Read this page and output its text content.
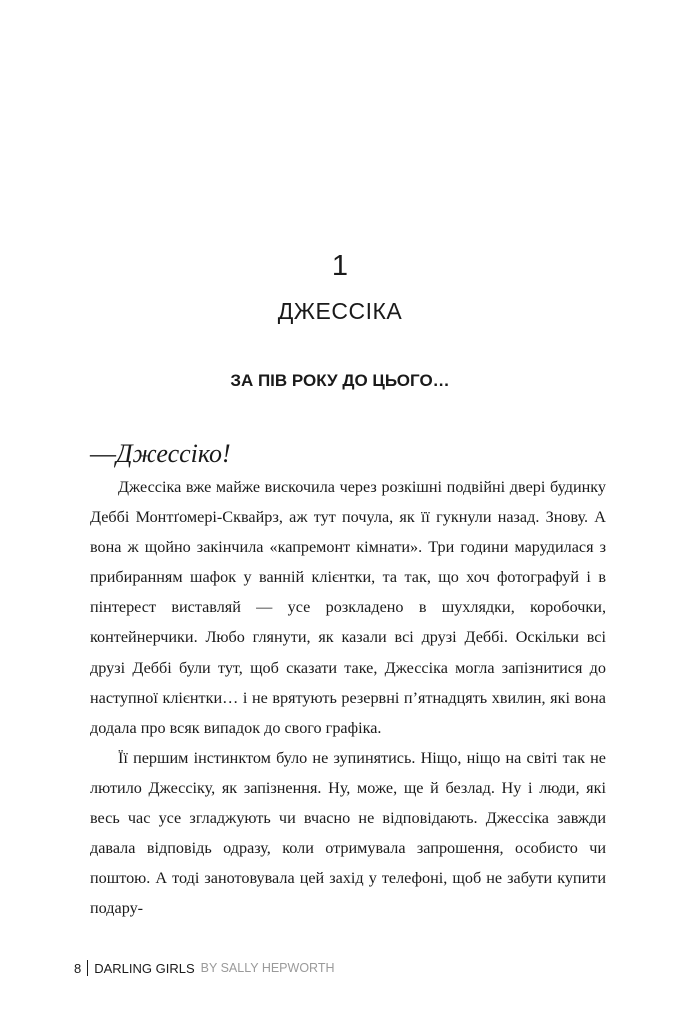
1
ДЖЕССІКА
ЗА ПІВ РОКУ ДО ЦЬОГО…

—Джессіко!

Джессіка вже майже вискочила через розкішні подвійні двері будинку Деббі Монтґомері-Сквайрз, аж тут почула, як її гукнули назад. Знову. А вона ж щойно закінчила «капремонт кімнати». Три години марудилася з прибиранням шафок у ванній клієнтки, та так, що хоч фотографуй і в пінтерест виставляй — усе розкладено в шухлядки, коробочки, контейнерчики. Любо глянути, як казали всі друзі Деббі. Оскільки всі друзі Деббі були тут, щоб сказати таке, Джессіка могла запізнитися до наступної клієнтки… і не врятують резервні п’ятнадцять хвилин, які вона додала про всяк випадок до свого графіка.

Її першим інстинктом було не зупинятись. Ніщо, ніщо на світі так не лютило Джессіку, як запізнення. Ну, може, ще й безлад. Ну і люди, які весь час усе згладжують чи вчасно не відповідають. Джессіка завжди давала відповідь одразу, коли отримувала запрошення, особисто чи поштою. А тоді занотовувала цей захід у телефоні, щоб не забути купити подару-

8 DARLING GIRLS BY SALLY HEPWORTH
